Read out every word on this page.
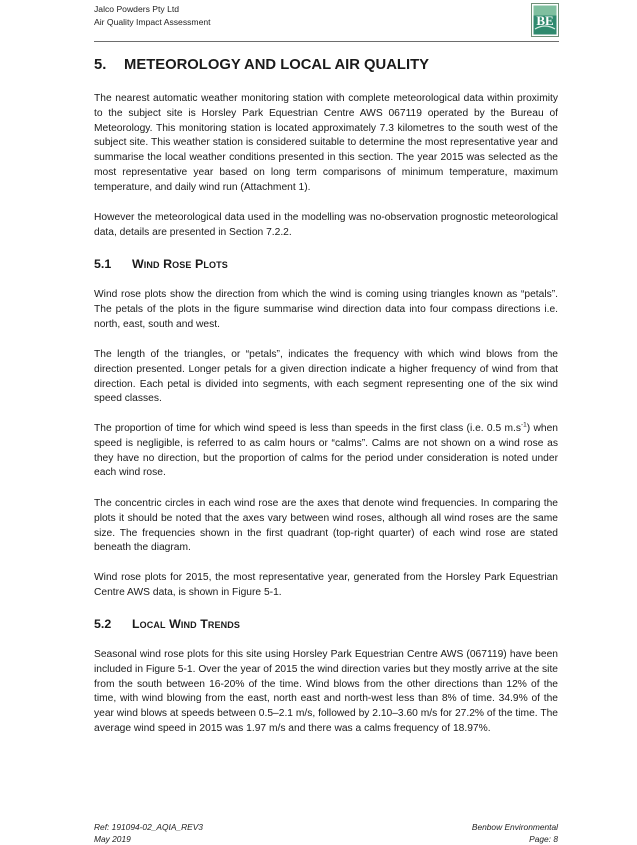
Jalco Powders Pty Ltd
Air Quality Impact Assessment	BE
5. METEOROLOGY AND LOCAL AIR QUALITY

The nearest automatic weather monitoring station with complete meteorological data within proximity to the subject site is Horsley Park Equestrian Centre AWS 067119 operated by the Bureau of Meteorology. This monitoring station is located approximately 7.3 kilometres to the south west of the subject site. This weather station is considered suitable to determine the most representative year and summarise the local weather conditions presented in this section. The year 2015 was selected as the most representative year based on long term comparisons of minimum temperature, maximum temperature, and daily wind run (Attachment 1).

However the meteorological data used in the modelling was no-observation prognostic meteorological data, details are presented in Section 7.2.2.

5.1 Wind Rose Plots

Wind rose plots show the direction from which the wind is coming using triangles known as “petals”. The petals of the plots in the figure summarise wind direction data into four compass directions i.e. north, east, south and west.

The length of the triangles, or “petals”, indicates the frequency with which wind blows from the direction presented. Longer petals for a given direction indicate a higher frequency of wind from that direction. Each petal is divided into segments, with each segment representing one of the six wind speed classes.

The proportion of time for which wind speed is less than speeds in the first class (i.e. 0.5 $m.s^{-1}$) when speed is negligible, is referred to as calm hours or “calms”. Calms are not shown on a wind rose as they have no direction, but the proportion of calms for the period under consideration is noted under each wind rose.

The concentric circles in each wind rose are the axes that denote wind frequencies. In comparing the plots it should be noted that the axes vary between wind roses, although all wind roses are the same size. The frequencies shown in the first quadrant (top-right quarter) of each wind rose are stated beneath the diagram.

Wind rose plots for 2015, the most representative year, generated from the Horsley Park Equestrian Centre AWS data, is shown in Figure 5-1.

5.2 Local Wind Trends

Seasonal wind rose plots for this site using Horsley Park Equestrian Centre AWS (067119) have been included in Figure 5-1. Over the year of 2015 the wind direction varies but they mostly arrive at the site from the south between 16-20% of the time. Wind blows from the other directions than 12% of the time, with wind blowing from the east, north east and north-west less than 8% of time. 34.9% of the year wind blows at speeds between 0.5–2.1 m/s, followed by 2.10–3.60 m/s for 27.2% of the time. The average wind speed in 2015 was 1.97 m/s and there was a calms frequency of 18.97%.

Ref: 191094-02_AQIA_REV3
May 2019
Benbow Environmental
Page: 8
